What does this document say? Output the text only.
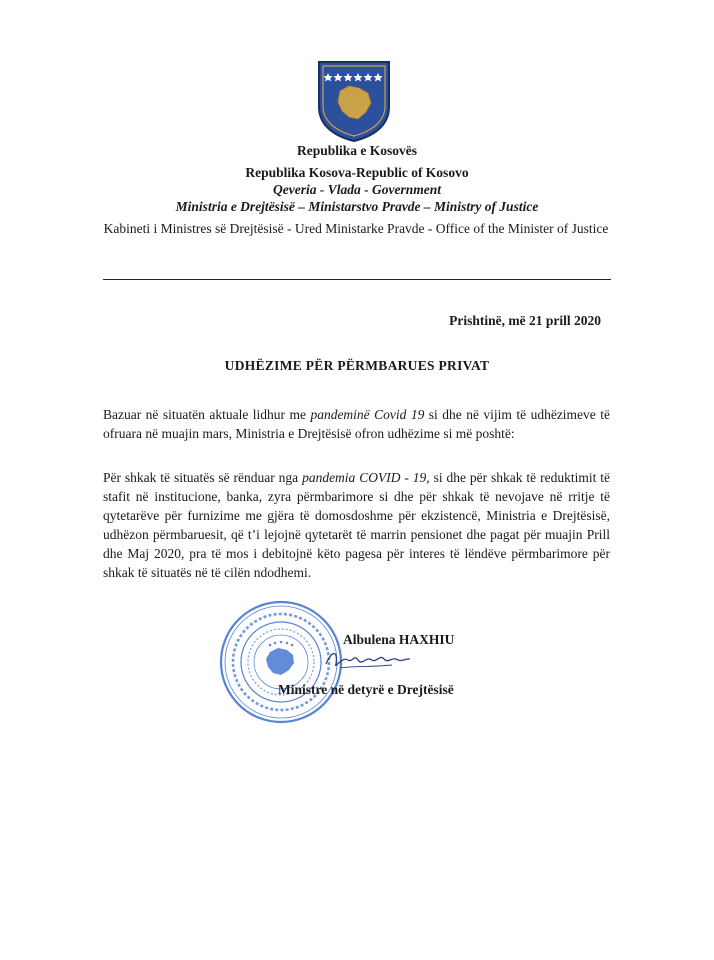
Republika e Kosovës
Republika Kosova-Republic of Kosovo
Qeveria - Vlada - Government
Ministria e Drejtësisë – Ministarstvo Pravde – Ministry of Justice
Kabineti i Ministres së Drejtësisë - Ured Ministarke Pravde - Office of the Minister of Justice
Prishtinë, më 21 prill 2020
UDHËZIME PËR PËRMBARUES PRIVAT
Bazuar në situatën aktuale lidhur me pandeminë Covid 19 si dhe në vijim të udhëzimeve të ofruara në muajin mars, Ministria e Drejtësisë ofron udhëzime si më poshtë:
Për shkak të situatës së rënduar nga pandemia COVID - 19, si dhe për shkak të reduktimit të stafit në institucione, banka, zyra përmbarimore si dhe për shkak të nevojave në rritje të qytetarëve për furnizime me gjëra të domosdoshme për ekzistencë, Ministria e Drejtësisë, udhëzon përmbaruesit, që t’i lejojnë qytetarët të marrin pensionet dhe pagat për muajin Prill dhe Maj 2020, pra të mos i debitojnë këto pagesa për interes të lëndëve përmbarimore për shkak të situatës në të cilën ndodhemi.
Albulena HAXHIU
Ministre në detyrë e Drejtësisë
